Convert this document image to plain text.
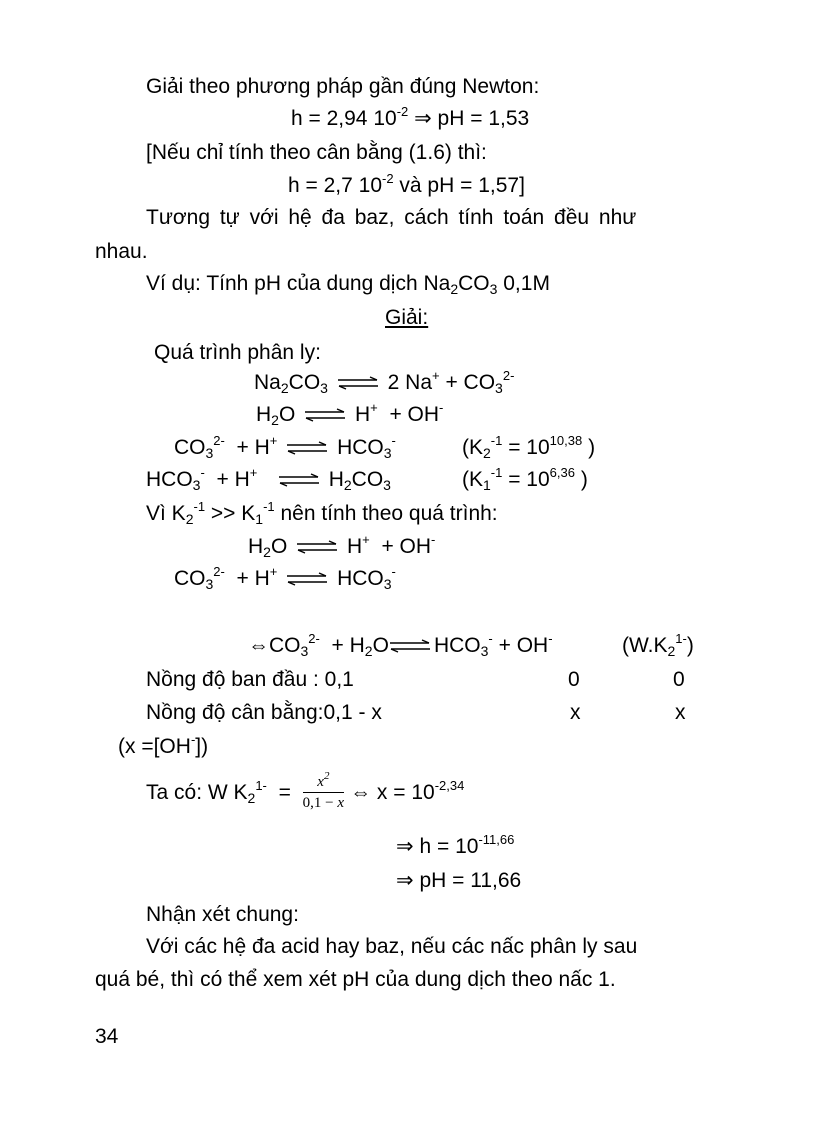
Giải theo phương pháp gần đúng Newton:
h = 2,94 $10^{-2}$ ⇒ pH = 1,53
[Nếu chỉ tính theo cân bằng (1.6) thì:
h = 2,7 $10^{-2}$ và pH = 1,57]
Tương tự với hệ đa baz, cách tính toán đều như
nhau.
Ví dụ: Tính pH của dung dịch $Na_2CO_3$ 0,1M
Giải:
Quá trình phân ly:
$Na_2CO_3$ ⇌ 2 $Na^+ + CO_3^{2-}$
$H_2O$ ⇌ H+ + OH-
$CO_3^{2-} + H^+$ ⇌ $HCO_3^-$	($K_2^{-1} = 10^{10,38}$ )
$HCO_3^- + H^+$ ⇌ $H_2CO_3$	($K_1^{-1} = 10^{6,36}$ )
Vì $K_2^{-1} >> K_1^{-1}$ nên tính theo quá trình:
$H_2O$ ⇌ H+ + OH-
$CO_3^{2-} + H^+$ ⇌ $HCO_3^-$
$\Leftrightarrow CO_3^{2-}$ + $H_2O\rightleftharpoons$ $HCO_3^- + OH^-$	$(W.K_2^{1-})$
Nồng độ ban đầu : 0,1	0	0
Nồng độ cân bằng:0,1 - x	x	x
(x =[OH-])
Ta có: W $K_2^{1-} = \frac{x^2}{0,1 - x}$ ⇔ $x = 10^{-2,34}$
⇒ $h = 10^{-11,66}$
⇒ pH = 11,66
Nhận xét chung:
Với các hệ đa acid hay baz, nếu các nấc phân ly sau
quá bé, thì có thể xem xét pH của dung dịch theo nấc 1.
34
